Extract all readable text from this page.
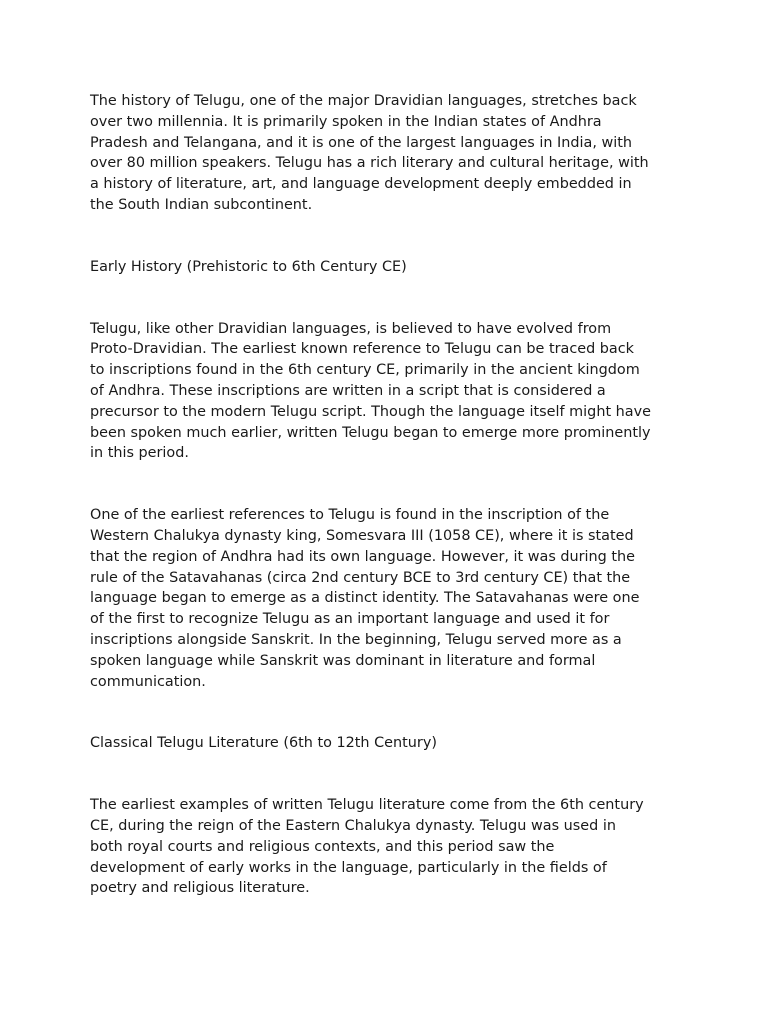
The history of Telugu, one of the major Dravidian languages, stretches back
over two millennia. It is primarily spoken in the Indian states of Andhra
Pradesh and Telangana, and it is one of the largest languages in India, with
over 80 million speakers. Telugu has a rich literary and cultural heritage, with
a history of literature, art, and language development deeply embedded in
the South Indian subcontinent.

Early History (Prehistoric to 6th Century CE)

Telugu, like other Dravidian languages, is believed to have evolved from
Proto-Dravidian. The earliest known reference to Telugu can be traced back
to inscriptions found in the 6th century CE, primarily in the ancient kingdom
of Andhra. These inscriptions are written in a script that is considered a
precursor to the modern Telugu script. Though the language itself might have
been spoken much earlier, written Telugu began to emerge more prominently
in this period.

One of the earliest references to Telugu is found in the inscription of the
Western Chalukya dynasty king, Somesvara III (1058 CE), where it is stated
that the region of Andhra had its own language. However, it was during the
rule of the Satavahanas (circa 2nd century BCE to 3rd century CE) that the
language began to emerge as a distinct identity. The Satavahanas were one
of the first to recognize Telugu as an important language and used it for
inscriptions alongside Sanskrit. In the beginning, Telugu served more as a
spoken language while Sanskrit was dominant in literature and formal
communication.

Classical Telugu Literature (6th to 12th Century)

The earliest examples of written Telugu literature come from the 6th century
CE, during the reign of the Eastern Chalukya dynasty. Telugu was used in
both royal courts and religious contexts, and this period saw the
development of early works in the language, particularly in the fields of
poetry and religious literature.
